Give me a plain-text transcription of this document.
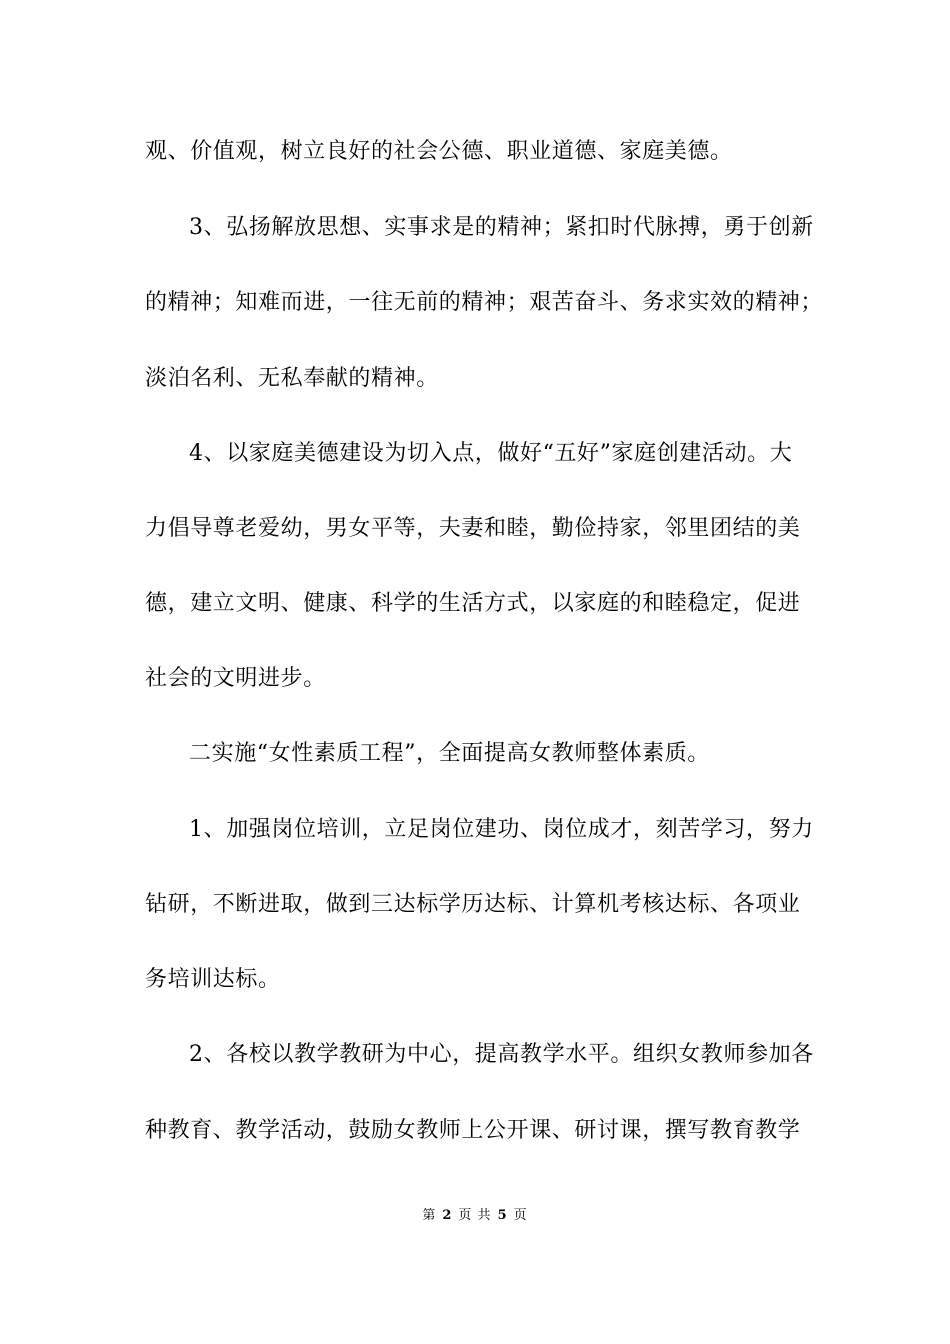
观、价值观，树立良好的社会公德、职业道德、家庭美德。
3、弘扬解放思想、实事求是的精神；紧扣时代脉搏，勇于创新
的精神；知难而进，一往无前的精神；艰苦奋斗、务求实效的精神；
淡泊名利、无私奉献的精神。
4、以家庭美德建设为切入点，做好“五好”家庭创建活动。大
力倡导尊老爱幼，男女平等，夫妻和睦，勤俭持家，邻里团结的美
德，建立文明、健康、科学的生活方式，以家庭的和睦稳定，促进
社会的文明进步。
二实施“女性素质工程”，全面提高女教师整体素质。
1、加强岗位培训，立足岗位建功、岗位成才，刻苦学习，努力
钻研，不断进取，做到三达标学历达标、计算机考核达标、各项业
务培训达标。
2、各校以教学教研为中心，提高教学水平。组织女教师参加各
种教育、教学活动，鼓励女教师上公开课、研讨课，撰写教育教学
第 2 页 共 5 页
